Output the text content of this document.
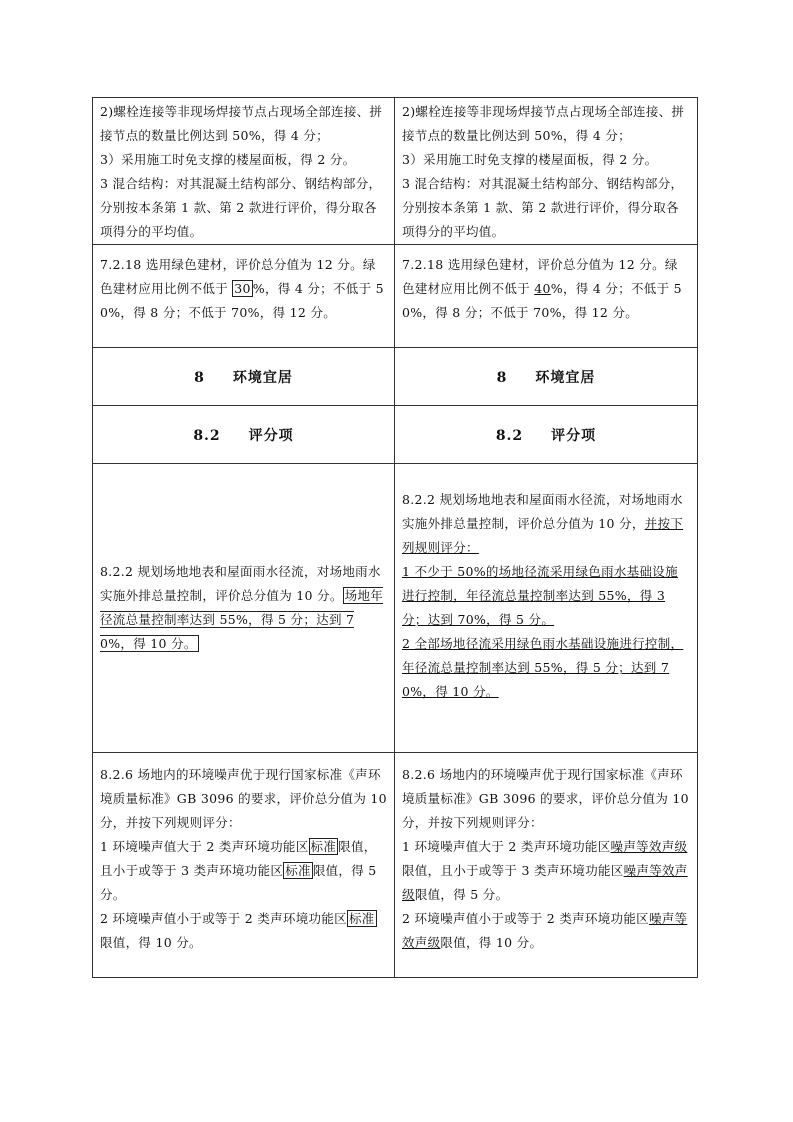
2)螺栓连接等非现场焊接节点占现场全部连接、拼接节点的数量比例达到 50%，得 4 分；
3）采用施工时免支撑的楼屋面板，得 2 分。
3 混合结构：对其混凝土结构部分、钢结构部分，分别按本条第 1 款、第 2 款进行评价，得分取各项得分的平均值。	2)螺栓连接等非现场焊接节点占现场全部连接、拼接节点的数量比例达到 50%，得 4 分；
3）采用施工时免支撑的楼屋面板，得 2 分。
3 混合结构：对其混凝土结构部分、钢结构部分，分别按本条第 1 款、第 2 款进行评价，得分取各项得分的平均值。

7.2.18 选用绿色建材，评价总分值为 12 分。绿色建材应用比例不低于 30 %，得 4 分；不低于 50%，得 8 分；不低于 70%，得 12 分。	7.2.18 选用绿色建材，评价总分值为 12 分。绿色建材应用比例不低于 40%，得 4 分；不低于 50%，得 8 分；不低于 70%，得 12 分。
8 环境宜居	8 环境宜居
8.2 评分项	8.2 评分项
8.2.2 规划场地地表和屋面雨水径流，对场地雨水实施外排总量控制，评价总分值为 10 分。 场地年径流总量控制率达到 55%，得 5 分；达到 70%，得 10 分。	8.2.2 规划场地地表和屋面雨水径流，对场地雨水实施外排总量控制，评价总分值为 10 分，并按下列规则评分：
1 不少于 50%的场地径流采用绿色雨水基础设施进行控制，年径流总量控制率达到 55%，得 3 分；达到 70%，得 5 分。
2 全部场地径流采用绿色雨水基础设施进行控制，年径流总量控制率达到 55%，得 5 分；达到 70%，得 10 分。

8.2.6 场地内的环境噪声优于现行国家标准《声环境质量标准》GB 3096 的要求，评价总分值为 10 分，并按下列规则评分：
1 环境噪声值大于 2 类声环境功能区 标准 限值，且小于或等于 3 类声环境功能区 标准 限值，得 5 分。
2 环境噪声值小于或等于 2 类声环境功能区 标准限值，得 10 分。	8.2.6 场地内的环境噪声优于现行国家标准《声环境质量标准》GB 3096 的要求，评价总分值为 10 分，并按下列规则评分：
1 环境噪声值大于 2 类声环境功能区噪声等效声级限值，且小于或等于 3 类声环境功能区噪声等效声级限值，得 5 分。
2 环境噪声值小于或等于 2 类声环境功能区噪声等效声级限值，得 10 分。
